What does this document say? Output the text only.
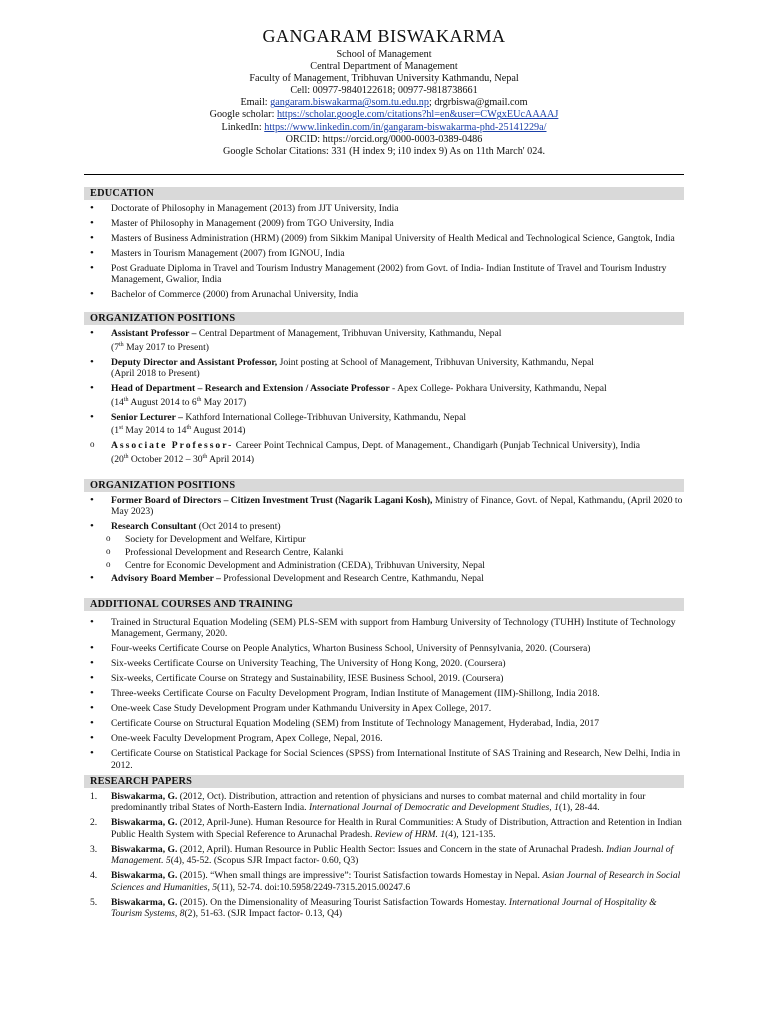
GANGARAM BISWAKARMA
School of Management
Central Department of Management
Faculty of Management, Tribhuvan University Kathmandu, Nepal
Cell: 00977-9840122618; 00977-9818738661
Email: gangaram.biswakarma@som.tu.edu.np; drgrbiswa@gmail.com
Google scholar: https://scholar.google.com/citations?hl=en&user=CWgxEUcAAAAJ
LinkedIn: https://www.linkedin.com/in/gangaram-biswakarma-phd-25141229a/
ORCID: https://orcid.org/0000-0003-0389-0486
Google Scholar Citations: 331 (H index 9; i10 index 9) As on 11th March' 024.
EDUCATION
• Doctorate of Philosophy in Management (2013) from JJT University, India
• Master of Philosophy in Management (2009) from TGO University, India
• Masters of Business Administration (HRM) (2009) from Sikkim Manipal University of Health Medical and Technological Science, Gangtok, India
• Masters in Tourism Management (2007) from IGNOU, India
• Post Graduate Diploma in Travel and Tourism Industry Management (2002) from Govt. of India- Indian Institute of Travel and Tourism Industry Management, Gwalior, India
• Bachelor of Commerce (2000) from Arunachal University, India
ORGANIZATION POSITIONS
• Assistant Professor – Central Department of Management, Tribhuvan University, Kathmandu, Nepal
(7th May 2017 to Present)
• Deputy Director and Assistant Professor, Joint posting at School of Management, Tribhuvan University, Kathmandu, Nepal
(April 2018 to Present)
• Head of Department – Research and Extension / Associate Professor - Apex College- Pokhara University, Kathmandu, Nepal
(14th August 2014 to 6th May 2017)
• Senior Lecturer – Kathford International College-Tribhuvan University, Kathmandu, Nepal
(1st May 2014 to 14th August 2014)
o Associate Professor- Career Point Technical Campus, Dept. of Management., Chandigarh (Punjab Technical University), India
(20th October 2012 – 30th April 2014)
ORGANIZATION POSITIONS
• Former Board of Directors – Citizen Investment Trust (Nagarik Lagani Kosh), Ministry of Finance, Govt. of Nepal, Kathmandu, (April 2020 to May 2023)
• Research Consultant (Oct 2014 to present)
o Society for Development and Welfare, Kirtipur
o Professional Development and Research Centre, Kalanki
o Centre for Economic Development and Administration (CEDA), Tribhuvan University, Nepal
• Advisory Board Member – Professional Development and Research Centre, Kathmandu, Nepal
ADDITIONAL COURSES AND TRAINING
• Trained in Structural Equation Modeling (SEM) PLS-SEM with support from Hamburg University of Technology (TUHH) Institute of Technology Management, Germany, 2020.
• Four-weeks Certificate Course on People Analytics, Wharton Business School, University of Pennsylvania, 2020. (Coursera)
• Six-weeks Certificate Course on University Teaching, The University of Hong Kong, 2020. (Coursera)
• Six-weeks, Certificate Course on Strategy and Sustainability, IESE Business School, 2019. (Coursera)
• Three-weeks Certificate Course on Faculty Development Program, Indian Institute of Management (IIM)-Shillong, India 2018.
• One-week Case Study Development Program under Kathmandu University in Apex College, 2017.
• Certificate Course on Structural Equation Modeling (SEM) from Institute of Technology Management, Hyderabad, India, 2017
• One-week Faculty Development Program, Apex College, Nepal, 2016.
• Certificate Course on Statistical Package for Social Sciences (SPSS) from International Institute of SAS Training and Research, New Delhi, India in 2012.
RESEARCH PAPERS
1. Biswakarma, G. (2012, Oct). Distribution, attraction and retention of physicians and nurses to combat maternal and child mortality in four predominantly tribal States of North-Eastern India. International Journal of Democratic and Development Studies, 1(1), 28-44.
2. Biswakarma, G. (2012, April-June). Human Resource for Health in Rural Communities: A Study of Distribution, Attraction and Retention in Indian Public Health System with Special Reference to Arunachal Pradesh. Review of HRM. 1(4), 121-135.
3. Biswakarma, G. (2012, April). Human Resource in Public Health Sector: Issues and Concern in the state of Arunachal Pradesh. Indian Journal of Management. 5(4), 45-52. (Scopus SJR Impact factor- 0.60, Q3)
4. Biswakarma, G. (2015). “When small things are impressive”: Tourist Satisfaction towards Homestay in Nepal. Asian Journal of Research in Social Sciences and Humanities, 5(11), 52-74. doi:10.5958/2249-7315.2015.00247.6
5. Biswakarma, G. (2015). On the Dimensionality of Measuring Tourist Satisfaction Towards Homestay. International Journal of Hospitality & Tourism Systems, 8(2), 51-63. (SJR Impact factor- 0.13, Q4)
